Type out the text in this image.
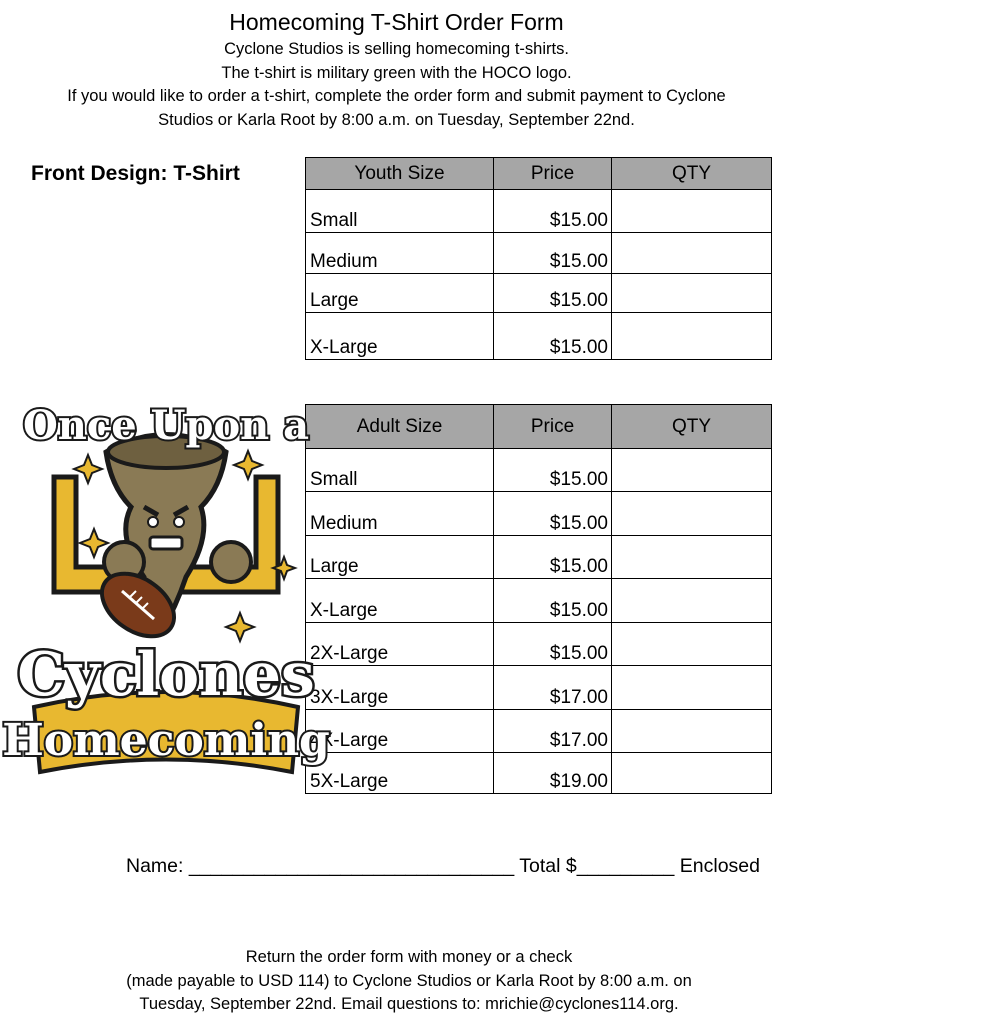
Homecoming T-Shirt Order Form
Cyclone Studios is selling homecoming t-shirts.
The t-shirt is military green with the HOCO logo.
If you would like to order a t-shirt, complete the order form and submit payment to Cyclone
Studios or Karla Root by 8:00 a.m. on Tuesday, September 22nd.
Front Design: T-Shirt	Youth Size	Price	QTY
Small	$15.00	
Medium	$15.00	
Large	$15.00	
X-Large	$15.00	
Adult Size	Price	QTY
Small	$15.00	
Medium	$15.00	
Large	$15.00	
X-Large	$15.00	
2X-Large	$15.00	
3X-Large	$17.00	
4X-Large	$17.00	
5X-Large	$19.00	
Once Upon a
Cyclones
Homecoming
Name: ______________________________ Total $_________ Enclosed
Return the order form with money or a check
(made payable to USD 114) to Cyclone Studios or Karla Root by 8:00 a.m. on
Tuesday, September 22nd. Email questions to: mrichie@cyclones114.org.
